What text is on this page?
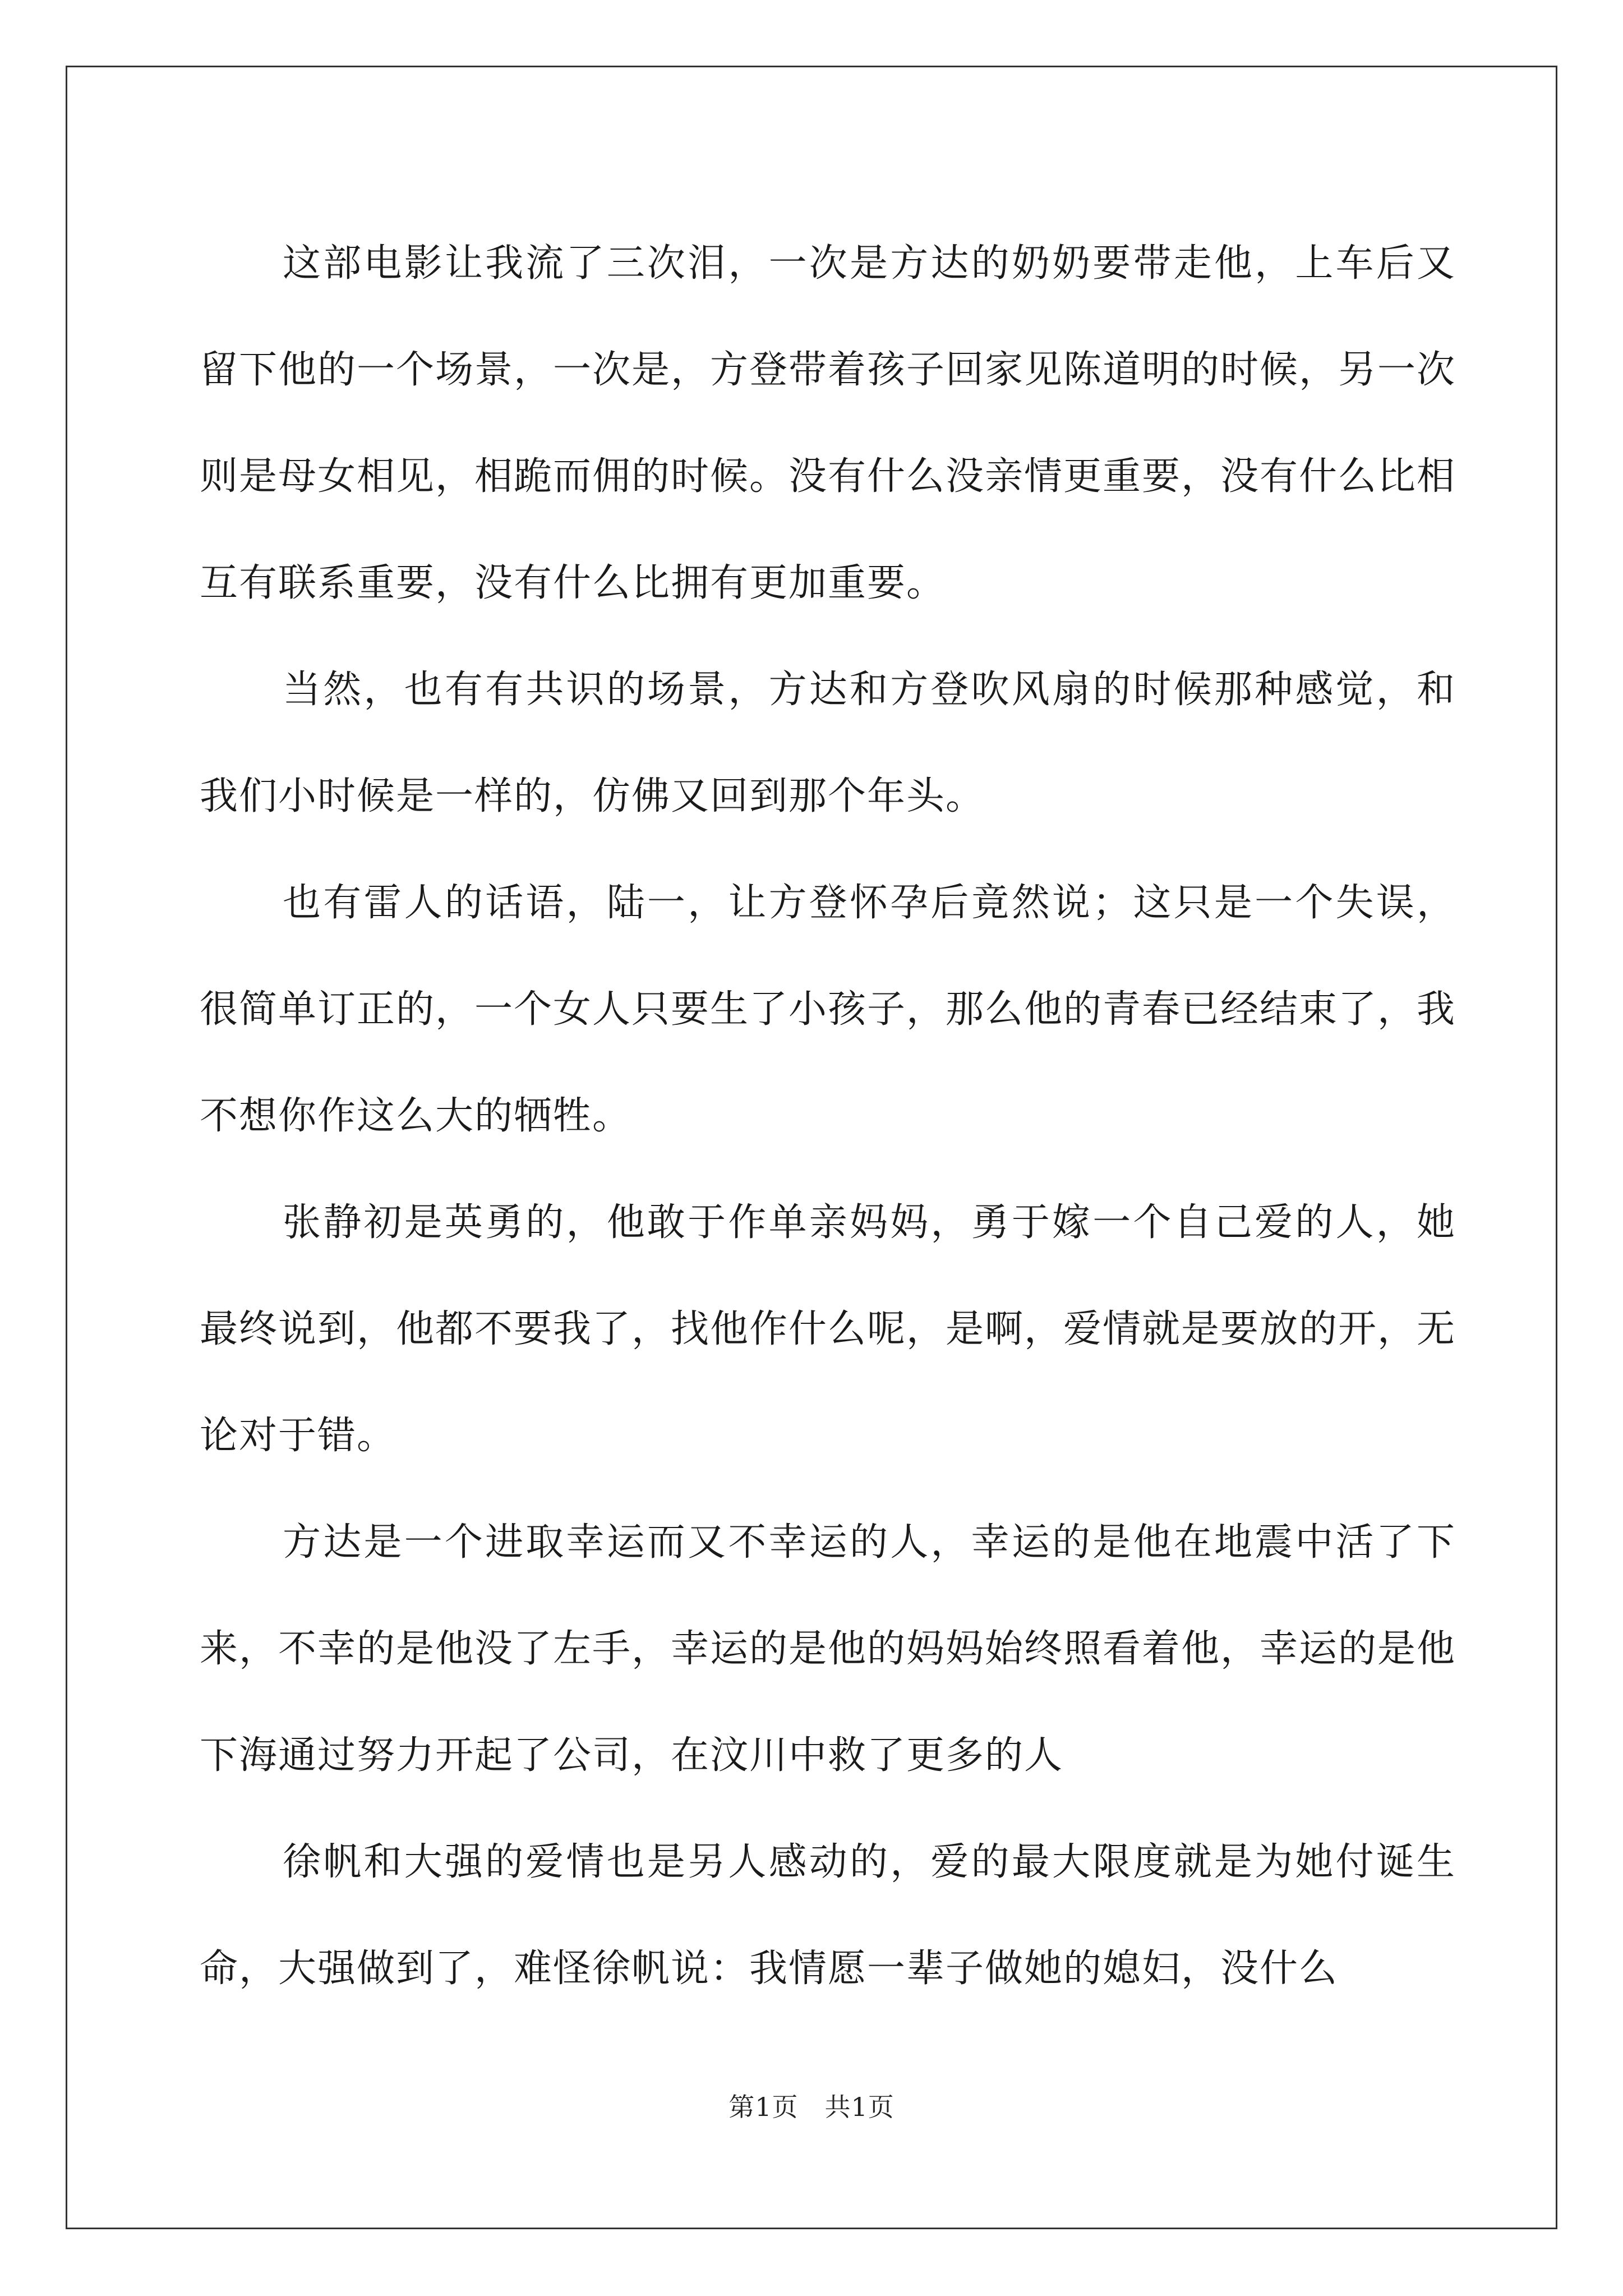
这部电影让我流了三次泪，一次是方达的奶奶要带走他，上车后又留下他的一个场景，一次是，方登带着孩子回家见陈道明的时候，另一次则是母女相见，相跪而佣的时候。没有什么没亲情更重要，没有什么比相互有联系重要，没有什么比拥有更加重要。

当然，也有有共识的场景，方达和方登吹风扇的时候那种感觉，和我们小时候是一样的，仿佛又回到那个年头。

也有雷人的话语，陆一，让方登怀孕后竟然说；这只是一个失误，很简单订正的，一个女人只要生了小孩子，那么他的青春已经结束了，我不想你作这么大的牺牲。

张静初是英勇的，他敢于作单亲妈妈，勇于嫁一个自己爱的人，她最终说到，他都不要我了，找他作什么呢，是啊，爱情就是要放的开，无论对于错。

方达是一个进取幸运而又不幸运的人，幸运的是他在地震中活了下来，不幸的是他没了左手，幸运的是他的妈妈始终照看着他，幸运的是他下海通过努力开起了公司，在汶川中救了更多的人

徐帆和大强的爱情也是另人感动的，爱的最大限度就是为她付诞生命，大强做到了，难怪徐帆说：我情愿一辈子做她的媳妇，没什么

第1页　共1页
